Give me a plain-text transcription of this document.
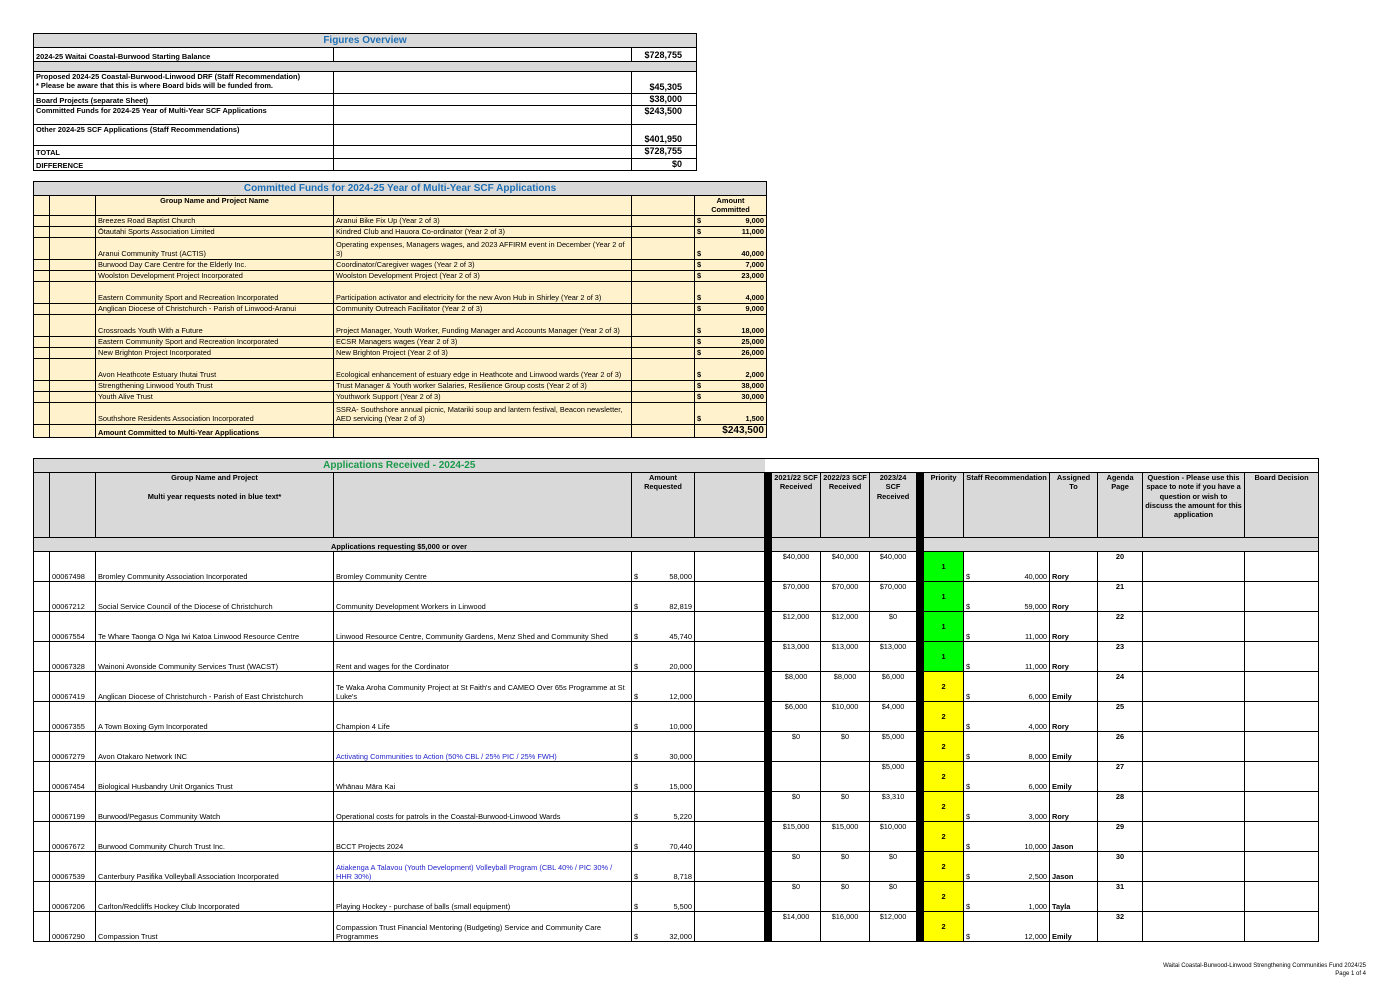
Figures Overview		
2024-25 Waitai Coastal-Burwood Starting Balance		$728,755

Proposed 2024-25 Coastal-Burwood-Linwood DRF (Staff Recommendation)
* Please be aware that this is where Board bids will be funded from.		$45,305
Board Projects (separate Sheet)		$38,000
Committed Funds for 2024-25 Year of Multi-Year SCF Applications		$243,500
Other 2024-25 SCF Applications (Staff Recommendations)		$401,950
TOTAL		$728,755
DIFFERENCE		$0
Committed Funds for 2024-25 Year of Multi-Year SCF Applications						
		Group Name and Project Name			Amount Committed	
		Breezes Road Baptist Church	Aranui Bike Fix Up (Year 2 of 3)		$	9,000
		Ōtautahi Sports Association Limited	Kindred Club and Hauora Co-ordinator (Year 2 of 3)		$	11,000
		Aranui Community Trust (ACTIS)	Operating expenses, Managers wages, and 2023 AFFIRM event in December (Year 2 of 3)		$	40,000
		Burwood Day Care Centre for the Elderly Inc.	Coordinator/Caregiver wages (Year 2 of 3)		$	7,000
		Woolston Development Project Incorporated	Woolston Development Project (Year 2 of 3)		$	23,000
		Eastern Community Sport and Recreation Incorporated	Participation activator and electricity for the new Avon Hub in Shirley (Year 2 of 3)		$	4,000
		Anglican Diocese of Christchurch - Parish of Linwood-Aranui	Community Outreach Facilitator (Year 2 of 3)		$	9,000
		Crossroads Youth With a Future	Project Manager, Youth Worker, Funding Manager and Accounts Manager (Year 2 of 3)		$	18,000
		Eastern Community Sport and Recreation Incorporated	ECSR Managers wages (Year 2 of 3)		$	25,000
		New Brighton Project Incorporated	New Brighton Project (Year 2 of 3)		$	26,000
		Avon Heathcote Estuary Ihutai Trust	Ecological enhancement of estuary edge in Heathcote and Linwood wards (Year 2 of 3)		$	2,000
		Strengthening Linwood Youth Trust	Trust Manager & Youth worker Salaries, Resilience Group costs (Year 2 of 3)		$	38,000
		Youth Alive Trust	Youthwork Support (Year 2 of 3)		$	30,000
		Southshore Residents Association Incorporated	SSRA- Southshore annual picnic, Matariki soup and lantern festival, Beacon newsletter, AED servicing (Year 2 of 3)		$	1,500
		Amount Committed to Multi-Year Applications			$243,500	
Applications Received - 2024-25																

		Group Name and Project

Multi year requests noted in blue text*		Amount Requested			2021/22 SCF Received	2022/23 SCF Received	2023/24 SCF Received		Priority	Staff Recommendation	Assigned To	Agenda Page	Question - Please use this space to note if you have a question or wish to discuss the amount for this application	Board Decision
Applications requesting $5,000 or over																
	00067498	Bromley Community Association Incorporated	Bromley Community Centre	$ 58,000			$40,000	$40,000	$40,000		1	$ 40,000	Rory	20		
	00067212	Social Service Council of the Diocese of Christchurch	Community Development Workers in Linwood	$ 82,819			$70,000	$70,000	$70,000		1	$ 59,000	Rory	21		
	00067554	Te Whare Taonga O Nga Iwi Katoa Linwood Resource Centre	Linwood Resource Centre, Community Gardens, Menz Shed and Community Shed	$ 45,740			$12,000	$12,000	$0		1	$ 11,000	Rory	22		
	00067328	Wainoni Avonside Community Services Trust (WACST)	Rent and wages for the Cordinator	$ 20,000			$13,000	$13,000	$13,000		1	$ 11,000	Rory	23		
	00067419	Anglican Diocese of Christchurch - Parish of East Christchurch	Te Waka Aroha Community Project at St Faith's and CAMEO Over 65s Programme at St Luke's	$ 12,000			$8,000	$8,000	$6,000		2	$ 6,000	Emily	24		
	00067355	A Town Boxing Gym Incorporated	Champion 4 Life	$ 10,000			$6,000	$10,000	$4,000		2	$ 4,000	Rory	25		
	00067279	Avon Otakaro Network INC	Activating Communities to Action (50% CBL / 25% PIC / 25% FWH)	$ 30,000			$0	$0	$5,000		2	$ 8,000	Emily	26		
	00067454	Biological Husbandry Unit Organics Trust	Whānau Māra Kai	$ 15,000					$5,000		2	$ 6,000	Emily	27		
	00067199	Burwood/Pegasus Community Watch	Operational costs for patrols in the Coastal-Burwood-Linwood Wards	$ 5,220			$0	$0	$3,310		2	$ 3,000	Rory	28		
	00067672	Burwood Community Church Trust Inc.	BCCT Projects 2024	$ 70,440			$15,000	$15,000	$10,000		2	$ 10,000	Jason	29		
	00067539	Canterbury Pasifika Volleyball Association Incorporated	Atiakenga A Talavou (Youth Development) Volleyball Program (CBL 40% / PIC 30% / HHR 30%)	$ 8,718			$0	$0	$0		2	$ 2,500	Jason	30		
	00067206	Carlton/Redcliffs Hockey Club Incorporated	Playing Hockey - purchase of balls (small equipment)	$ 5,500			$0	$0	$0		2	$ 1,000	Tayla	31		
	00067290	Compassion Trust	Compassion Trust Financial Mentoring (Budgeting) Service and Community Care Programmes	$ 32,000			$14,000	$16,000	$12,000		2	$ 12,000	Emily	32		
Waitai Coastal-Burwood-Linwood Strengthening Communities Fund 2024/25
Page 1 of 4
